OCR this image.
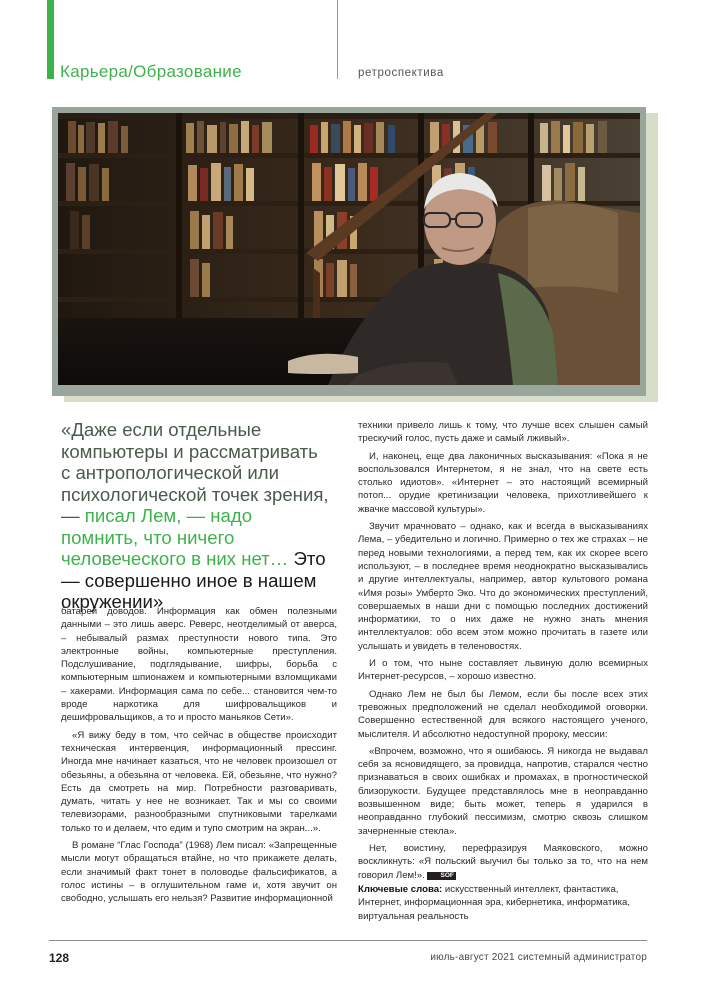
Карьера/Образование	ретроспектива
«Даже если отдельные компьютеры и рассматривать с антропологической или психологической точек зрения, — писал Лем, — надо помнить, что ничего человеческого в них нет… Это — совершенно иное в нашем окружении»

батарей доводов. Информация как обмен полезными данными – это лишь аверс. Реверс, неотделимый от аверса, – небывалый размах преступности нового типа. Это электронные войны, компьютерные преступления. Подслушивание, подглядывание, шифры, борьба с компьютерным шпионажем и компьютерными взломщиками – хакерами. Информация сама по себе... становится чем-то вроде наркотика для шифровальщиков и дешифровальщиков, а то и просто маньяков Сети».

«Я вижу беду в том, что сейчас в обществе происходит техническая интервенция, информационный прессинг. Иногда мне начинает казаться, что не человек произошел от обезьяны, а обезьяна от человека. Ей, обезьяне, что нужно? Есть да смотреть на мир. Потребности разговаривать, думать, читать у нее не возникает. Так и мы со своими телевизорами, разнообразными спутниковыми тарелками только то и делаем, что едим и тупо смотрим на экран...».

В романе “Глас Господа” (1968) Лем писал: «Запрещенные мысли могут обращаться втайне, но что прикажете делать, если значимый факт тонет в половодье фальсификатов, а голос истины – в оглушительном гаме и, хотя звучит он свободно, услышать его нельзя? Развитие информационной

техники привело лишь к тому, что лучше всех слышен самый трескучий голос, пусть даже и самый лживый».

И, наконец, еще два лаконичных высказывания: «Пока я не воспользовался Интернетом, я не знал, что на свете есть столько идиотов». «Интернет – это настоящий всемирный потоп... орудие кретинизации человека, прихотливейшего к жвачке массовой культуры».

Звучит мрачновато – однако, как и всегда в высказываниях Лема, – убедительно и логично. Примерно о тех же страхах – не перед новыми технологиями, а перед тем, как их скорее всего используют, – в последнее время неоднократно высказывались и другие интеллектуалы, например, автор культового романа «Имя розы» Умберто Эко. Что до экономических преступлений, совершаемых в наши дни с помощью последних достижений информатики, то о них даже не нужно знать мнения интеллектуалов: обо всем этом можно прочитать в газете или услышать и увидеть в теленовостях.

И о том, что ныне составляет львиную долю всемирных Интернет-ресурсов, – хорошо известно.

Однако Лем не был бы Лемом, если бы после всех этих тревожных предположений не сделал необходимой оговорки. Совершенно естественной для всякого настоящего ученого, мыслителя. И абсолютно недоступной пророку, мессии:

«Впрочем, возможно, что я ошибаюсь. Я никогда не выдавал себя за ясновидящего, за провидца, напротив, старался честно признаваться в своих ошибках и промахах, в прогностической близорукости. Будущее представлялось мне в неоправданно возвышенном виде; быть может, теперь я ударился в неоправданно глубокий пессимизм, смотрю сквозь слишком зачерненные стекла».

Нет, воистину, перефразируя Маяковского, можно воскликнуть: «Я польский выучил бы только за то, что на нем говорил Лем!». SOF

Ключевые слова: искусственный интеллект, фантастика, Интернет, информационная эра, кибернетика, информатика, виртуальная реальность
128	июль-август 2021 системный администратор
